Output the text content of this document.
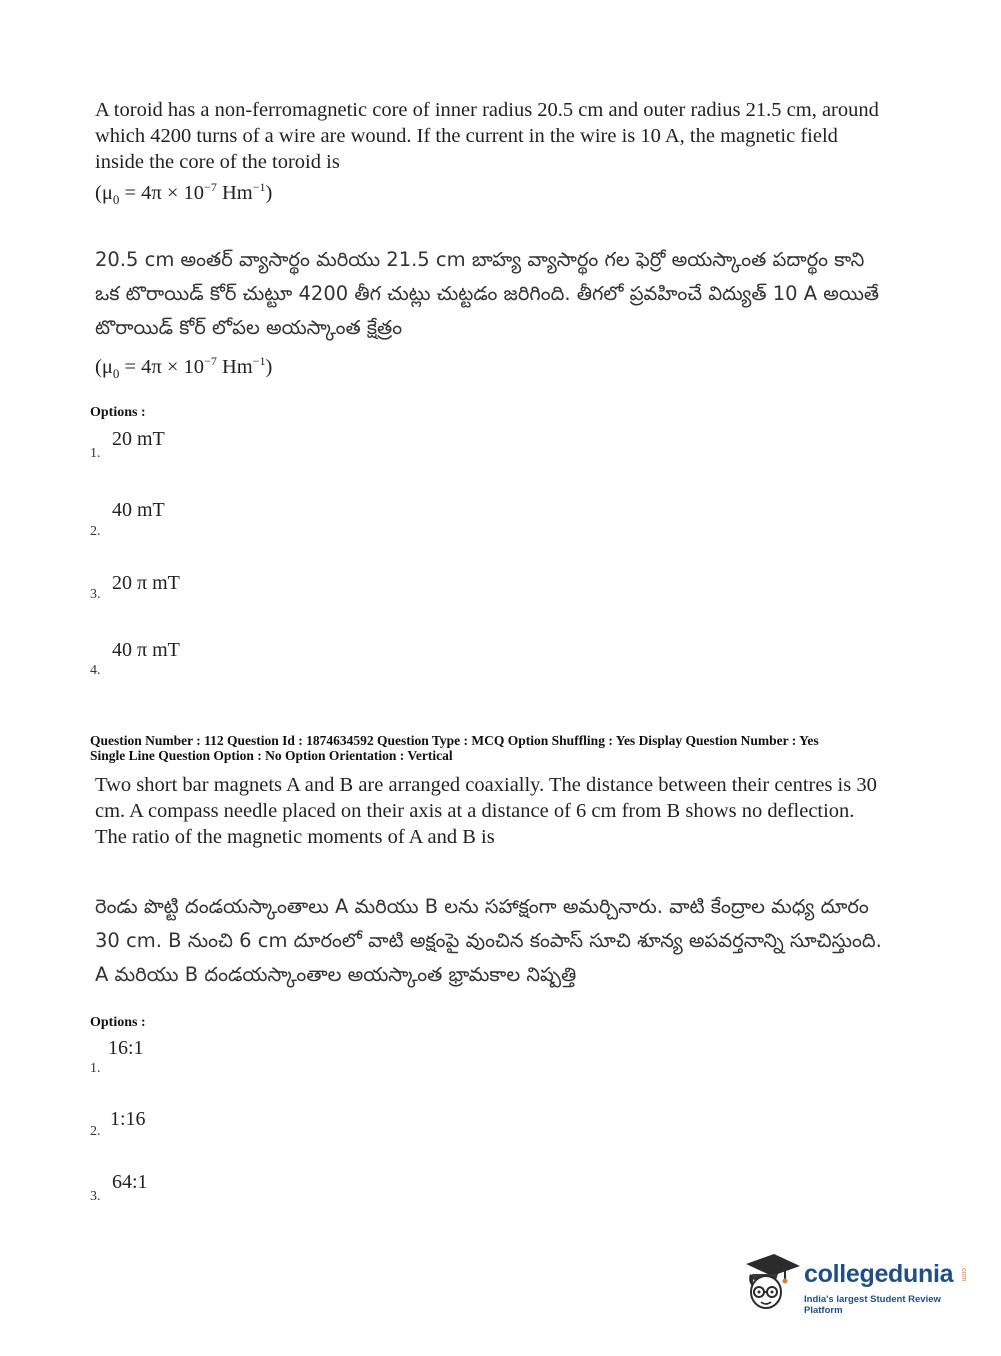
A toroid has a non-ferromagnetic core of inner radius 20.5 cm and outer radius 21.5 cm, around which 4200 turns of a wire are wound. If the current in the wire is 10 A, the magnetic field inside the core of the toroid is
($\mu_0 = 4\pi \times 10^{-7}$ $Hm^{-1}$)
20.5 cm అంతర్ వ్యాసార్థం మరియు 21.5 cm బాహ్య వ్యాసార్థం గల ఫెర్రో అయస్కాంత పదార్థం కాని ఒక టొరాయిడ్ కోర్ చుట్టూ 4200 తీగ చుట్లు చుట్టడం జరిగింది. తీగలో ప్రవహించే విద్యుత్ 10 A అయితే టొరాయిడ్ కోర్ లోపల అయస్కాంత క్షేత్రం
($\mu_0 = 4\pi \times 10^{-7}$ $Hm^{-1}$)
Options :
20 mT
1.
40 mT
2.
20 π mT
3.
40 π mT
4.
Question Number : 112 Question Id : 1874634592 Question Type : MCQ Option Shuffling : Yes Display Question Number : Yes
Single Line Question Option : No Option Orientation : Vertical
Two short bar magnets A and B are arranged coaxially. The distance between their centres is 30 cm. A compass needle placed on their axis at a distance of 6 cm from B shows no deflection. The ratio of the magnetic moments of A and B is
రెండు పొట్టి దండయస్కాంతాలు A మరియు B లను సహాక్షంగా అమర్చినారు. వాటి కేంద్రాల మధ్య దూరం 30 cm. B నుంచి 6 cm దూరంలో వాటి అక్షంపై వుంచిన కంపాస్ సూచి శూన్య అపవర్తనాన్ని సూచిస్తుంది. A మరియు B దండయస్కాంతాల అయస్కాంత భ్రామకాల నిష్పత్తి
Options :
16:1
1.
1:16
2.
64:1
3.
collegedunia .com
India's largest Student Review Platform
